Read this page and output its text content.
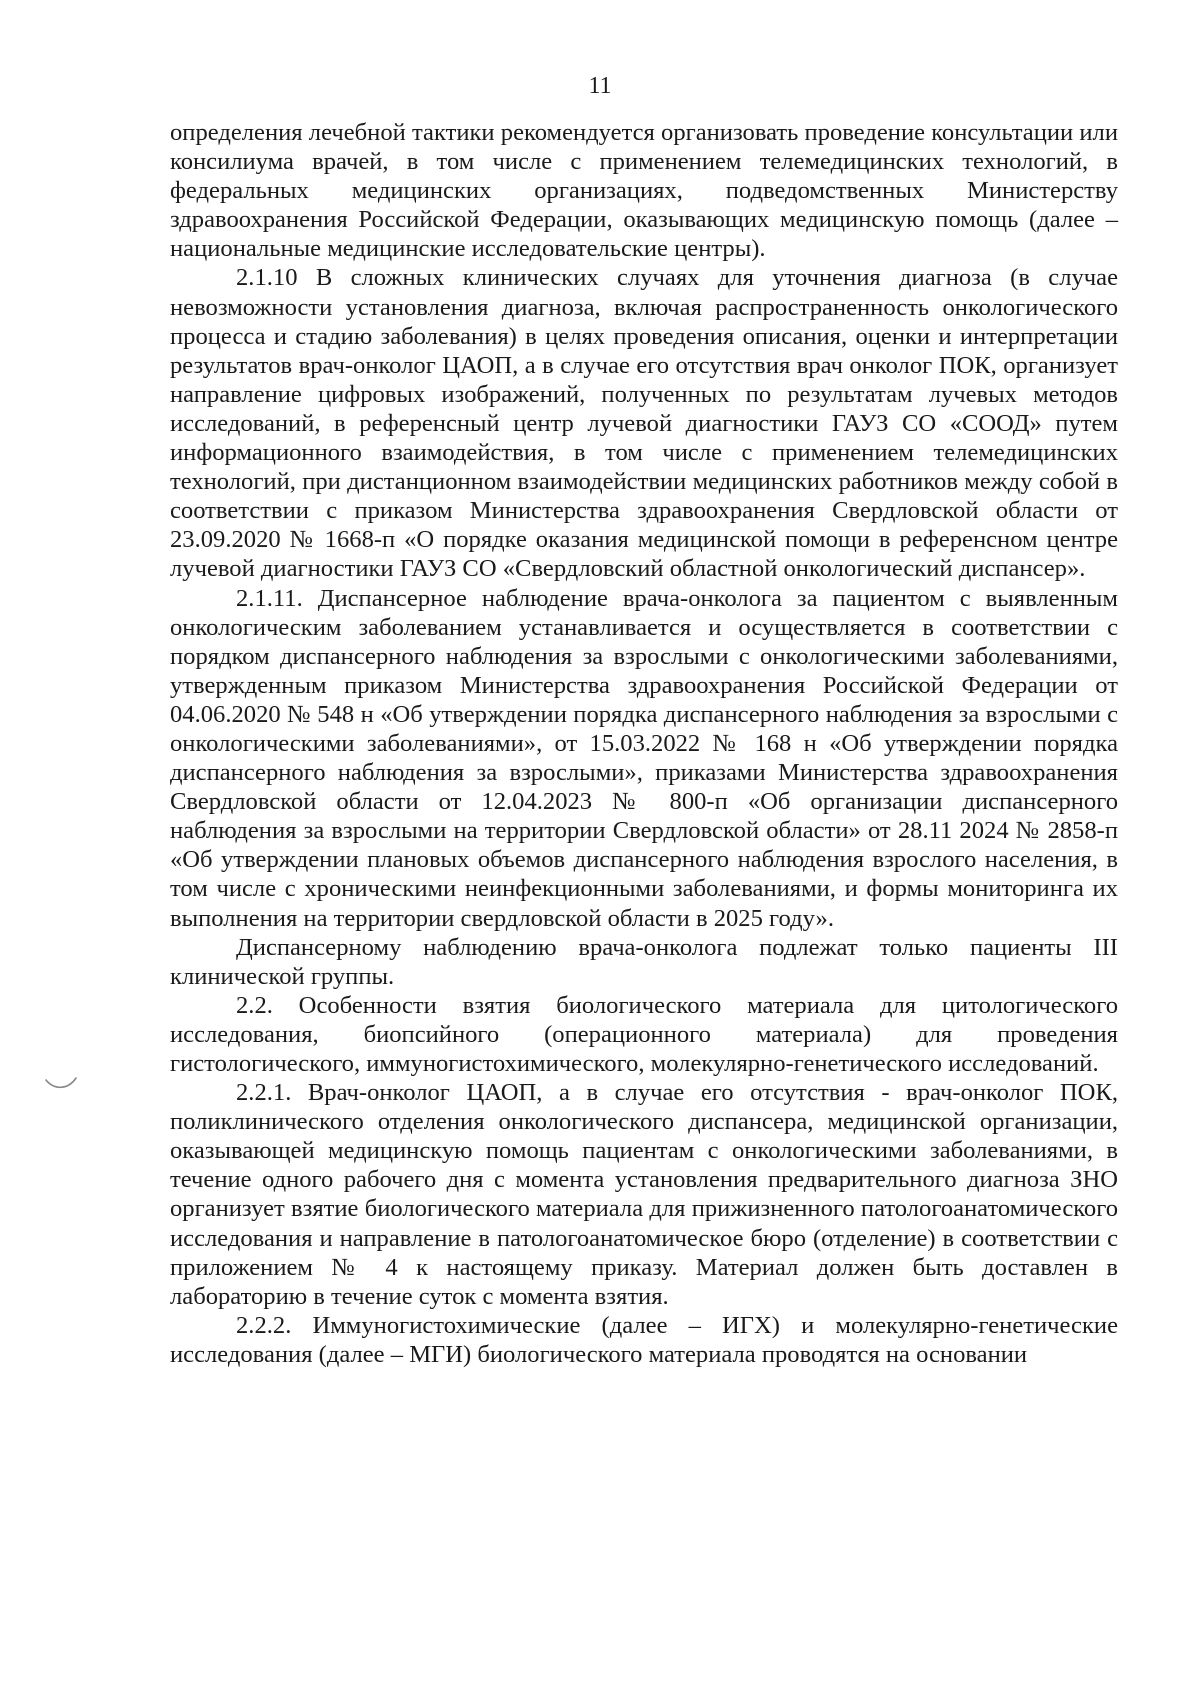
11

определения лечебной тактики рекомендуется организовать проведение консультации или консилиума врачей, в том числе с применением телемедицинских технологий, в федеральных медицинских организациях, подведомственных Министерству здравоохранения Российской Федерации, оказывающих медицинскую помощь (далее – национальные медицинские исследовательские центры).

2.1.10 В сложных клинических случаях для уточнения диагноза (в случае невозможности установления диагноза, включая распространенность онкологического процесса и стадию заболевания) в целях проведения описания, оценки и интерпретации результатов врач-онколог ЦАОП, а в случае его отсутствия врач онколог ПОК, организует направление цифровых изображений, полученных по результатам лучевых методов исследований, в референсный центр лучевой диагностики ГАУЗ СО «СООД» путем информационного взаимодействия, в том числе с применением телемедицинских технологий, при дистанционном взаимодействии медицинских работников между собой в соответствии с приказом Министерства здравоохранения Свердловской области от 23.09.2020 № 1668-п «О порядке оказания медицинской помощи в референсном центре лучевой диагностики ГАУЗ СО «Свердловский областной онкологический диспансер».

2.1.11. Диспансерное наблюдение врача-онколога за пациентом с выявленным онкологическим заболеванием устанавливается и осуществляется в соответствии с порядком диспансерного наблюдения за взрослыми с онкологическими заболеваниями, утвержденным приказом Министерства здравоохранения Российской Федерации от 04.06.2020 № 548 н «Об утверждении порядка диспансерного наблюдения за взрослыми с онкологическими заболеваниями», от 15.03.2022 № 168 н «Об утверждении порядка диспансерного наблюдения за взрослыми», приказами Министерства здравоохранения Свердловской области от 12.04.2023 № 800-п «Об организации диспансерного наблюдения за взрослыми на территории Свердловской области» от 28.11 2024 № 2858-п «Об утверждении плановых объемов диспансерного наблюдения взрослого населения, в том числе с хроническими неинфекционными заболеваниями, и формы мониторинга их выполнения на территории свердловской области в 2025 году».

Диспансерному наблюдению врача-онколога подлежат только пациенты III клинической группы.

2.2. Особенности взятия биологического материала для цитологического исследования, биопсийного (операционного материала) для проведения гистологического, иммуногистохимического, молекулярно-генетического исследований.

2.2.1. Врач-онколог ЦАОП, а в случае его отсутствия - врач-онколог ПОК, поликлинического отделения онкологического диспансера, медицинской организации, оказывающей медицинскую помощь пациентам с онкологическими заболеваниями, в течение одного рабочего дня с момента установления предварительного диагноза ЗНО организует взятие биологического материала для прижизненного патологоанатомического исследования и направление в патологоанатомическое бюро (отделение) в соответствии с приложением № 4 к настоящему приказу. Материал должен быть доставлен в лабораторию в течение суток с момента взятия.

2.2.2. Иммуногистохимические (далее – ИГХ) и молекулярно-генетические исследования (далее – МГИ) биологического материала проводятся на основании
